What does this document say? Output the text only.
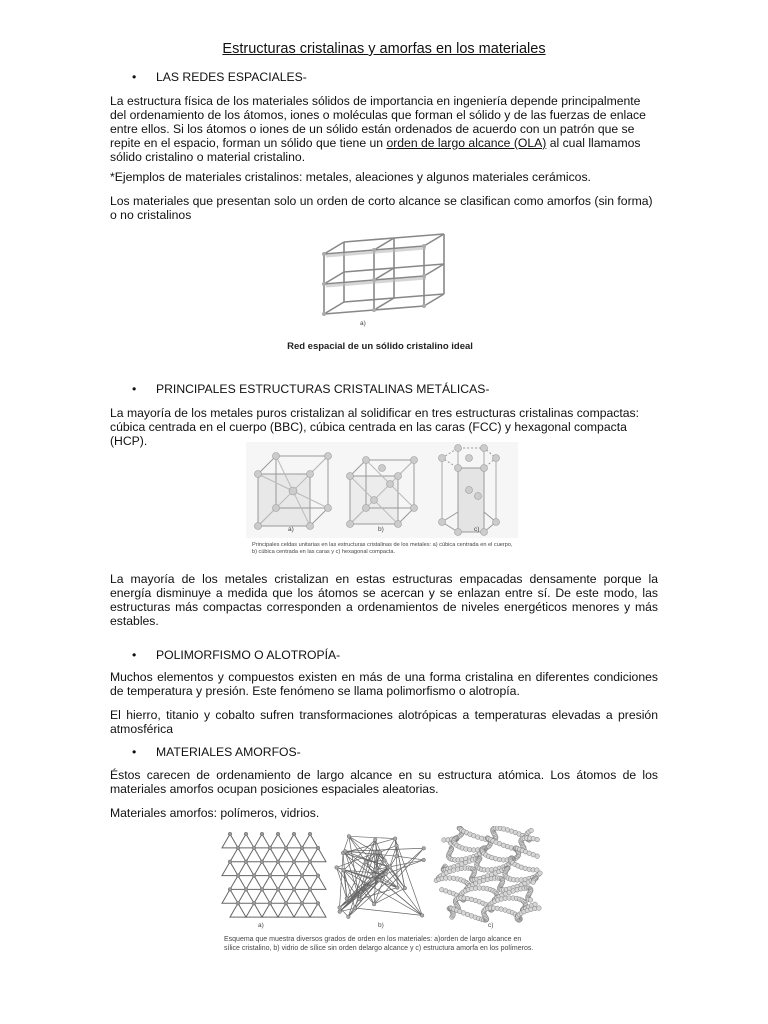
Estructuras cristalinas y amorfas en los materiales
• LAS REDES ESPACIALES-

La estructura física de los materiales sólidos de importancia en ingeniería depende principalmente del ordenamiento de los átomos, iones o moléculas que forman el sólido y de las fuerzas de enlace entre ellos. Si los átomos o iones de un sólido están ordenados de acuerdo con un patrón que se repite en el espacio, forman un sólido que tiene un orden de largo alcance (OLA) al cual llamamos sólido cristalino o material cristalino.

*Ejemplos de materiales cristalinos: metales, aleaciones y algunos materiales cerámicos.

Los materiales que presentan solo un orden de corto alcance se clasifican como amorfos (sin forma) o no cristalinos

a)
Red espacial de un sólido cristalino ideal
• PRINCIPALES ESTRUCTURAS CRISTALINAS METÁLICAS-

La mayoría de los metales puros cristalizan al solidificar en tres estructuras cristalinas compactas: cúbica centrada en el cuerpo (BBC), cúbica centrada en las caras (FCC) y hexagonal compacta (HCP).

a)	b)	c)
Principales celdas unitarias en las estructuras cristalinas de los metales: a) cúbica centrada en el cuerpo, b) cúbica centrada en las caras y c) hexagonal compacta.

La mayoría de los metales cristalizan en estas estructuras empacadas densamente porque la energía disminuye a medida que los átomos se acercan y se enlazan entre sí. De este modo, las estructuras más compactas corresponden a ordenamientos de niveles energéticos menores y más estables.

• POLIMORFISMO O ALOTROPÍA-

Muchos elementos y compuestos existen en más de una forma cristalina en diferentes condiciones de temperatura y presión. Este fenómeno se llama polimorfismo o alotropía.

El hierro, titanio y cobalto sufren transformaciones alotrópicas a temperaturas elevadas a presión atmosférica

• MATERIALES AMORFOS-

Éstos carecen de ordenamiento de largo alcance en su estructura atómica. Los átomos de los materiales amorfos ocupan posiciones espaciales aleatorias.

Materiales amorfos: polímeros, vidrios.

a)	b)	c)
Esquema que muestra diversos grados de orden en los materiales: a)orden de largo alcance en sílice cristalino, b) vidrio de sílice sin orden delargo alcance y c) estructura amorfa en los polímeros.
